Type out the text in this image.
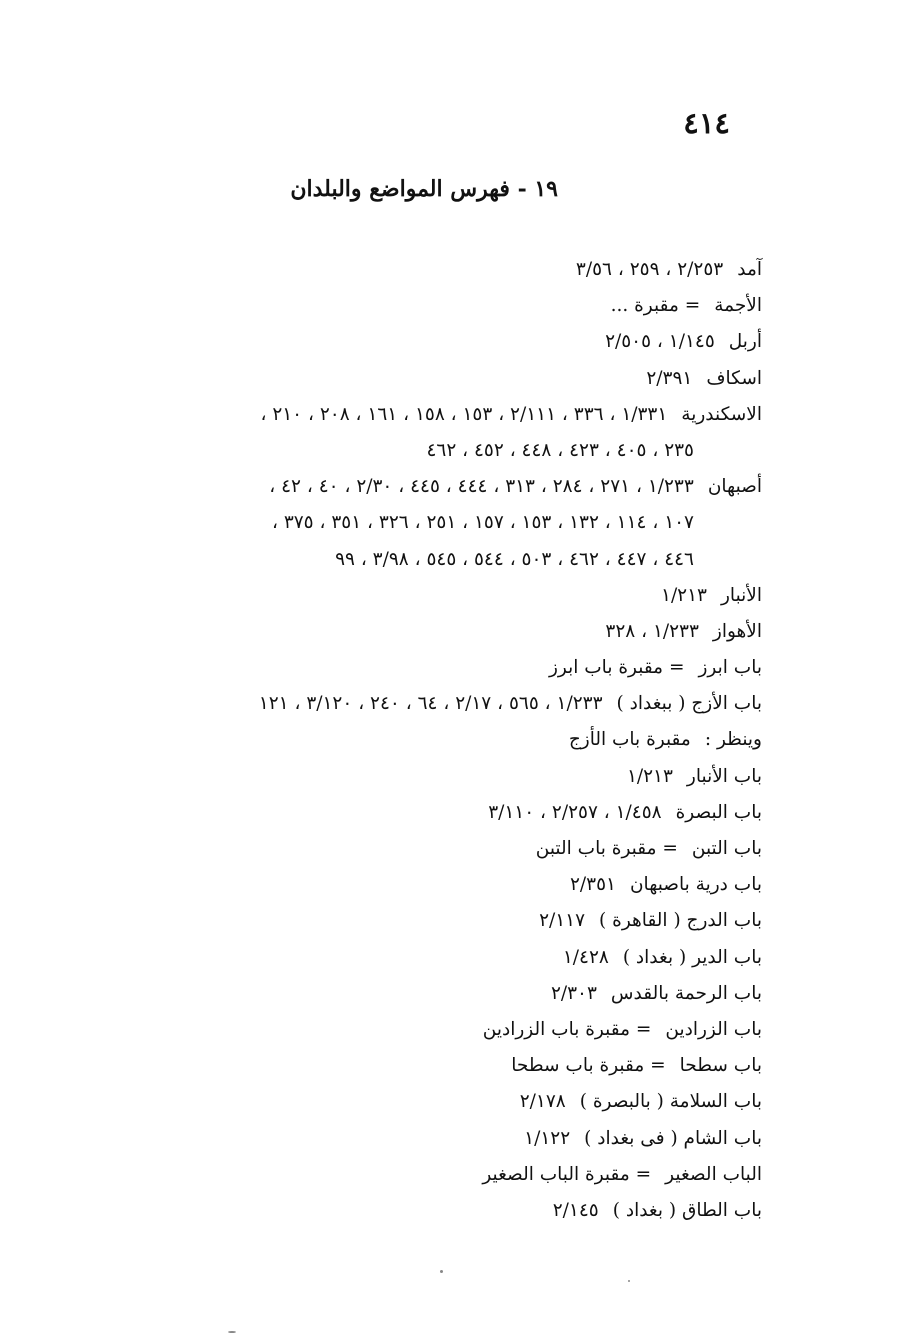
٤١٤
١٩ - فهرس المواضع والبلدان
آمد٢/٢٥٣ ، ٢٥٩ ، ٣/٥٦
الأجمة= مقبرة ...
أربل١/١٤٥ ، ٢/٥٠٥
اسكاف٢/٣٩١
الاسكندرية١/٣٣١ ، ٣٣٦ ، ٢/١١١ ، ١٥٣ ، ١٥٨ ، ١٦١ ، ٢٠٨ ، ٢١٠ ،
٢٣٥ ، ٤٠٥ ، ٤٢٣ ، ٤٤٨ ، ٤٥٢ ، ٤٦٢
أصبهان١/٢٣٣ ، ٢٧١ ، ٢٨٤ ، ٣١٣ ، ٤٤٤ ، ٤٤٥ ، ٢/٣٠ ، ٤٠ ، ٤٢ ،
١٠٧ ، ١١٤ ، ١٣٢ ، ١٥٣ ، ١٥٧ ، ٢٥١ ، ٣٢٦ ، ٣٥١ ، ٣٧٥ ،
٤٤٦ ، ٤٤٧ ، ٤٦٢ ، ٥٠٣ ، ٥٤٤ ، ٥٤٥ ، ٣/٩٨ ، ٩٩
الأنبار١/٢١٣
الأهواز١/٢٣٣ ، ٣٢٨
باب ابرز= مقبرة باب ابرز
باب الأزج ( ببغداد )١/٢٣٣ ، ٥٦٥ ، ٢/١٧ ، ٦٤ ، ٢٤٠ ، ٣/١٢٠ ، ١٢١
وينظر :مقبرة باب الأزج
باب الأنبار١/٢١٣
باب البصرة١/٤٥٨ ، ٢/٢٥٧ ، ٣/١١٠
باب التبن= مقبرة باب التبن
باب درية باصبهان٢/٣٥١
باب الدرج ( القاهرة )٢/١١٧
باب الدير ( بغداد )١/٤٢٨
باب الرحمة بالقدس٢/٣٠٣
باب الزرادين= مقبرة باب الزرادين
باب سطحا= مقبرة باب سطحا
باب السلامة ( بالبصرة )٢/١٧٨
باب الشام ( فى بغداد )١/١٢٢
الباب الصغير= مقبرة الباب الصغير
باب الطاق ( بغداد )٢/١٤٥
